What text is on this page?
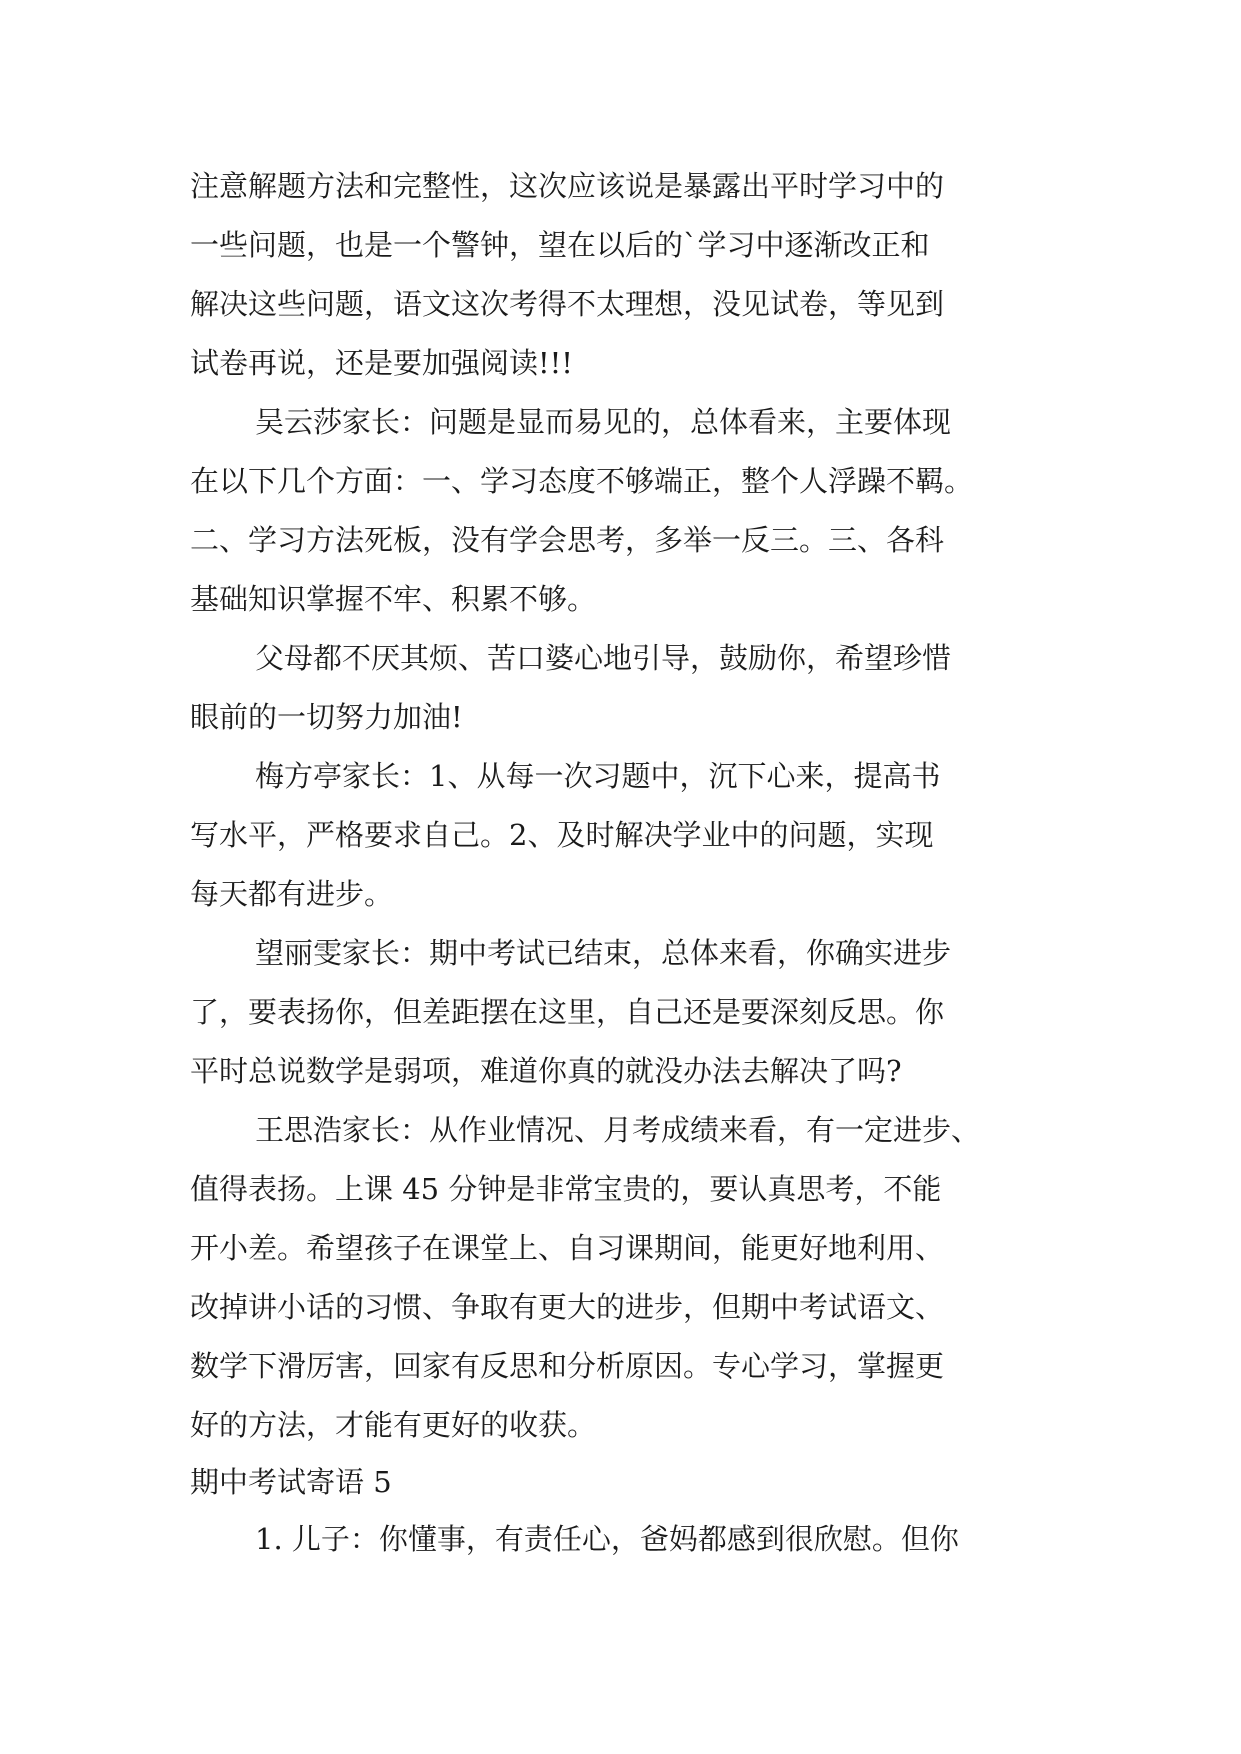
注意解题方法和完整性，这次应该说是暴露出平时学习中的
一些问题，也是一个警钟，望在以后的`学习中逐渐改正和
解决这些问题，语文这次考得不太理想，没见试卷，等见到
试卷再说，还是要加强阅读!!!
吴云莎家长：问题是显而易见的，总体看来，主要体现
在以下几个方面：一、学习态度不够端正，整个人浮躁不羁。
二、学习方法死板，没有学会思考，多举一反三。三、各科
基础知识掌握不牢、积累不够。
父母都不厌其烦、苦口婆心地引导，鼓励你，希望珍惜
眼前的一切努力加油!
梅方亭家长：1、从每一次习题中，沉下心来，提高书
写水平，严格要求自己。2、及时解决学业中的问题，实现
每天都有进步。
望丽雯家长：期中考试已结束，总体来看，你确实进步
了，要表扬你，但差距摆在这里，自己还是要深刻反思。你
平时总说数学是弱项，难道你真的就没办法去解决了吗?
王思浩家长：从作业情况、月考成绩来看，有一定进步、
值得表扬。上课 45 分钟是非常宝贵的，要认真思考，不能
开小差。希望孩子在课堂上、自习课期间，能更好地利用、
改掉讲小话的习惯、争取有更大的进步，但期中考试语文、
数学下滑厉害，回家有反思和分析原因。专心学习，掌握更
好的方法，才能有更好的收获。
期中考试寄语 5
1. 儿子：你懂事，有责任心，爸妈都感到很欣慰。但你
